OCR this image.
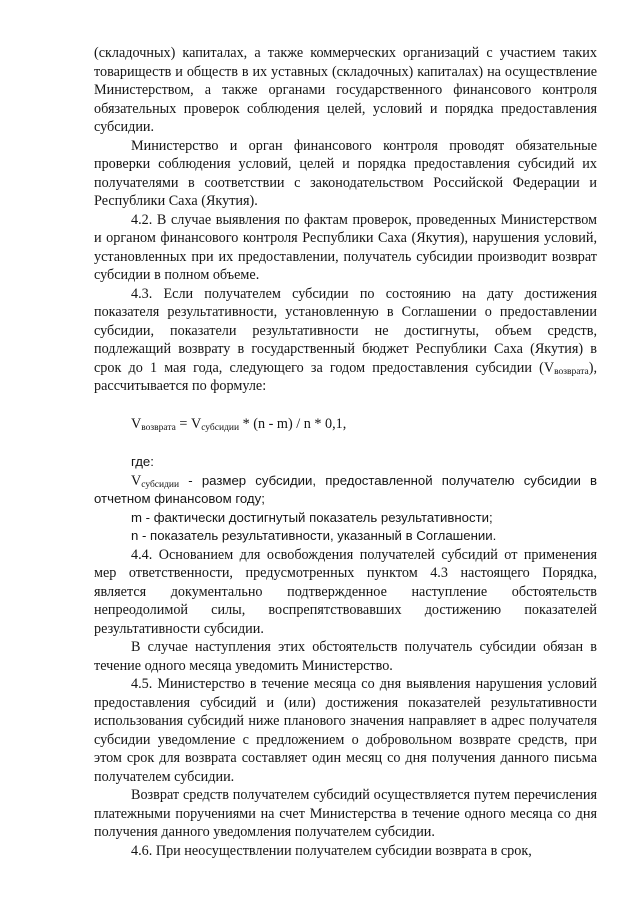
(складочных) капиталах, а также коммерческих организаций с участием таких товариществ и обществ в их уставных (складочных) капиталах) на осуществление Министерством, а также органами государственного финансового контроля обязательных проверок соблюдения целей, условий и порядка предоставления субсидии.

Министерство и орган финансового контроля проводят обязательные проверки соблюдения условий, целей и порядка предоставления субсидий их получателями в соответствии с законодательством Российской Федерации и Республики Саха (Якутия).

4.2. В случае выявления по фактам проверок, проведенных Министерством и органом финансового контроля Республики Саха (Якутия), нарушения условий, установленных при их предоставлении, получатель субсидии производит возврат субсидии в полном объеме.

4.3. Если получателем субсидии по состоянию на дату достижения показателя результативности, установленную в Соглашении о предоставлении субсидии, показатели результативности не достигнуты, объем средств, подлежащий возврату в государственный бюджет Республики Саха (Якутия) в срок до 1 мая года, следующего за годом предоставления субсидии $(V_{возврата})$, рассчитывается по формуле:

$V_{возврата} = V_{субсидии} * (n - m) / n * 0,1$,

где:

$V_{субсидии}$ - размер субсидии, предоставленной получателю субсидии в отчетном финансовом году;

m - фактически достигнутый показатель результативности;

n - показатель результативности, указанный в Соглашении.

4.4. Основанием для освобождения получателей субсидий от применения мер ответственности, предусмотренных пунктом 4.3 настоящего Порядка, является документально подтвержденное наступление обстоятельств непреодолимой силы, воспрепятствовавших достижению показателей результативности субсидии.

В случае наступления этих обстоятельств получатель субсидии обязан в течение одного месяца уведомить Министерство.

4.5. Министерство в течение месяца со дня выявления нарушения условий предоставления субсидий и (или) достижения показателей результативности использования субсидий ниже планового значения направляет в адрес получателя субсидии уведомление с предложением о добровольном возврате средств, при этом срок для возврата составляет один месяц со дня получения данного письма получателем субсидии.

Возврат средств получателем субсидий осуществляется путем перечисления платежными поручениями на счет Министерства в течение одного месяца со дня получения данного уведомления получателем субсидии.

4.6. При неосуществлении получателем субсидии возврата в срок,
